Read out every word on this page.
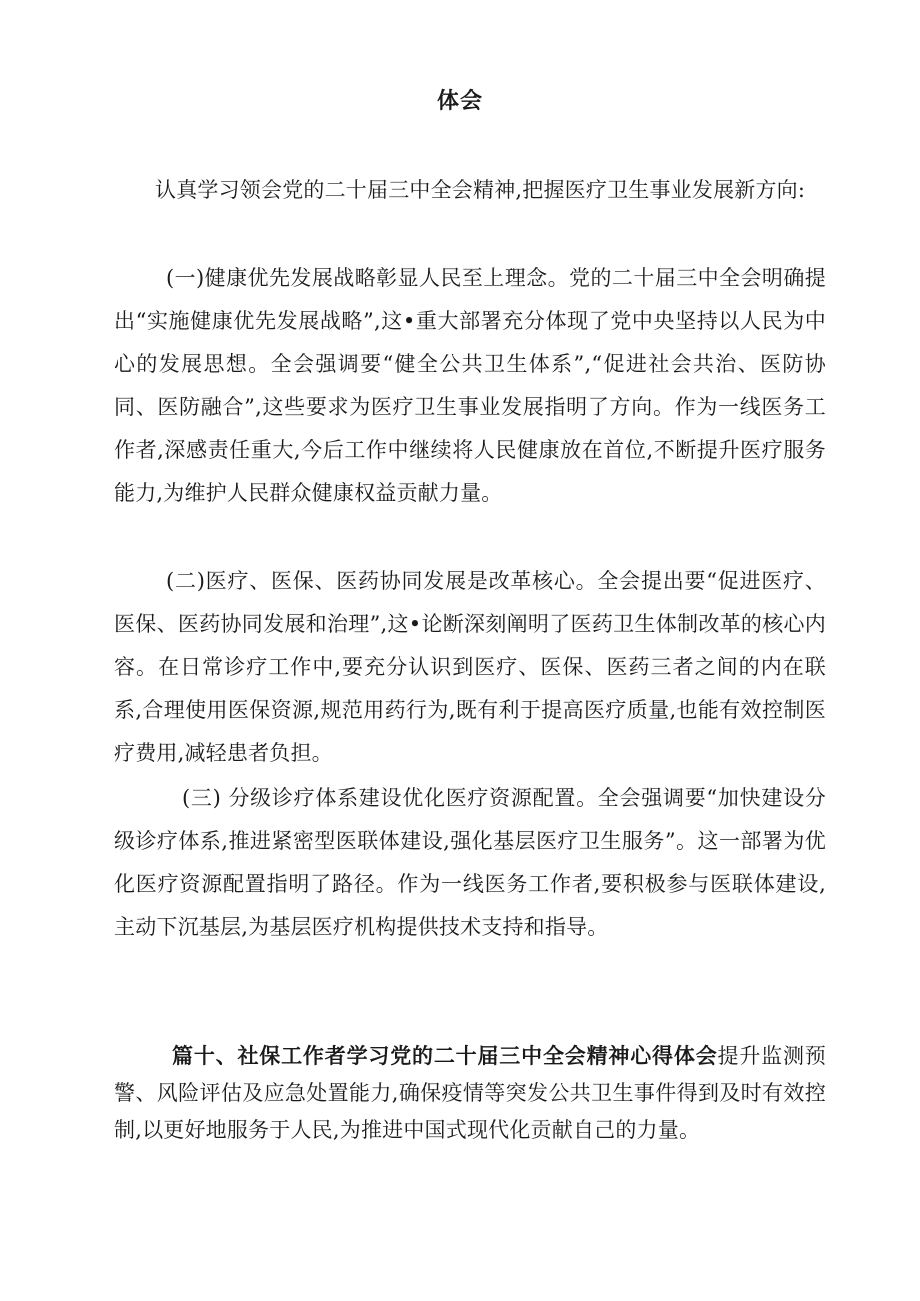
体会
认真学习领会党的二十届三中全会精神,把握医疗卫生事业发展新方向:
(一)健康优先发展战略彰显人民至上理念。党的二十届三中全会明确提出“实施健康优先发展战略”,这•重大部署充分体现了党中央坚持以人民为中心的发展思想。全会强调要“健全公共卫生体系”,“促进社会共治、医防协同、医防融合”,这些要求为医疗卫生事业发展指明了方向。作为一线医务工作者,深感责任重大,今后工作中继续将人民健康放在首位,不断提升医疗服务能力,为维护人民群众健康权益贡献力量。
(二)医疗、医保、医药协同发展是改革核心。全会提出要“促进医疗、医保、医药协同发展和治理”,这•论断深刻阐明了医药卫生体制改革的核心内容。在日常诊疗工作中,要充分认识到医疗、医保、医药三者之间的内在联系,合理使用医保资源,规范用药行为,既有利于提高医疗质量,也能有效控制医疗费用,减轻患者负担。
(三) 分级诊疗体系建设优化医疗资源配置。全会强调要“加快建设分级诊疗体系,推进紧密型医联体建设,强化基层医疗卫生服务”。这一部署为优化医疗资源配置指明了路径。作为一线医务工作者,要积极参与医联体建设,主动下沉基层,为基层医疗机构提供技术支持和指导。
篇十、社保工作者学习党的二十届三中全会精神心得体会提升监测预警、风险评估及应急处置能力,确保疫情等突发公共卫生事件得到及时有效控制,以更好地服务于人民,为推进中国式现代化贡献自己的力量。
